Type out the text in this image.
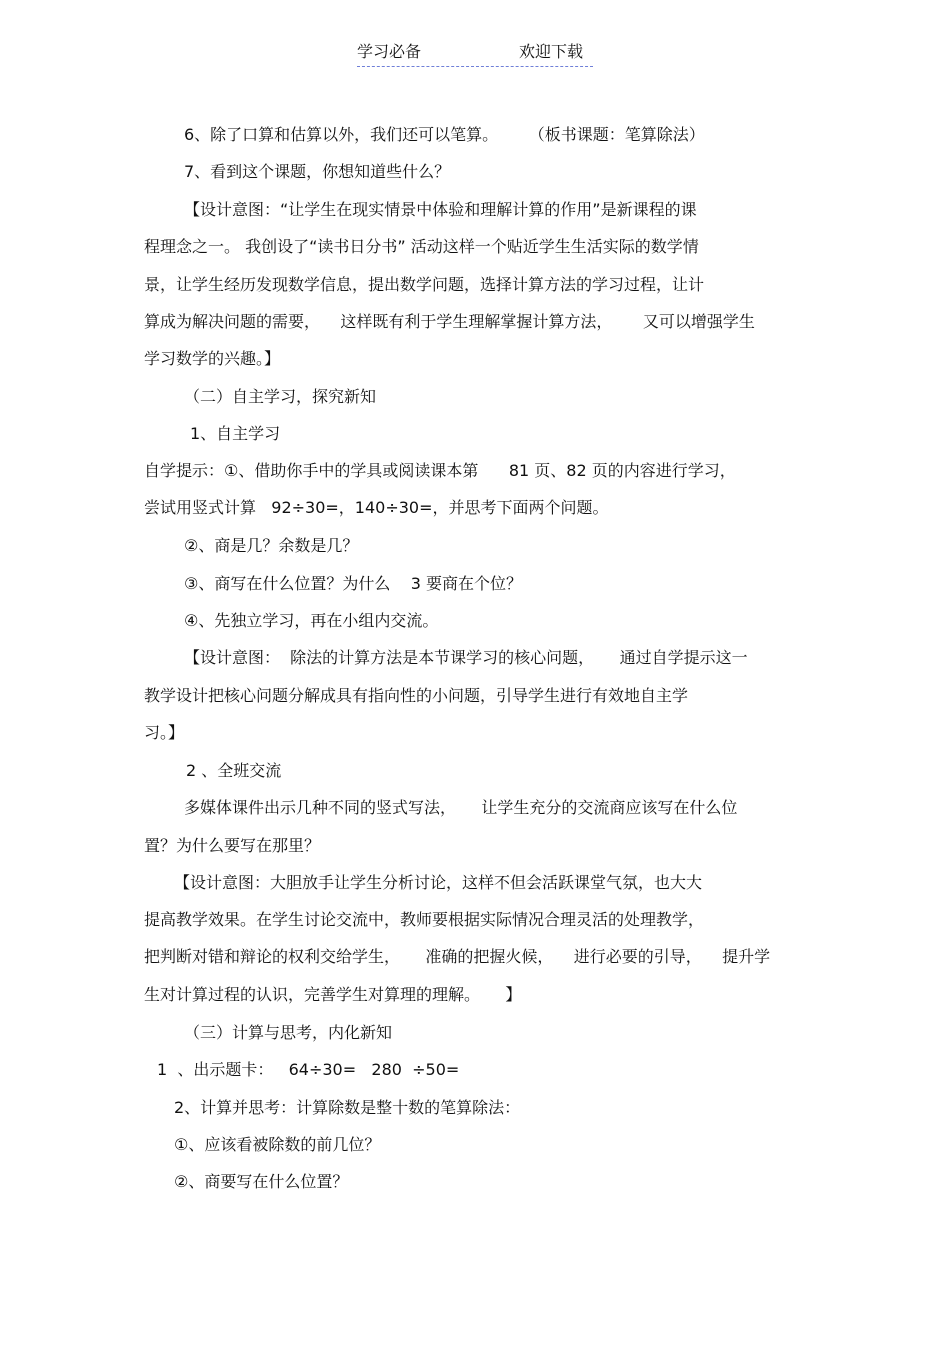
学习必备	欢迎下载
6、除了口算和估算以外，我们还可以笔算。      （板书课题：笔算除法）
7、看到这个课题，你想知道些什么？
【设计意图：“让学生在现实情景中体验和理解计算的作用”是新课程的课
程理念之一。 我创设了“读书日分书” 活动这样一个贴近学生生活实际的数学情
景，让学生经历发现数学信息，提出数学问题，选择计算方法的学习过程，让计
算成为解决问题的需要，    这样既有利于学生理解掌握计算方法，      又可以增强学生
学习数学的兴趣。】
（二）自主学习，探究新知
1、自主学习
自学提示：①、借助你手中的学具或阅读课本第      81 页、82 页的内容进行学习，
尝试用竖式计算   92÷30=，140÷30=，并思考下面两个问题。
②、商是几？余数是几？
③、商写在什么位置？为什么    3 要商在个位？
④、先独立学习，再在小组内交流。
【设计意图：  除法的计算方法是本节课学习的核心问题，     通过自学提示这一
教学设计把核心问题分解成具有指向性的小问题，引导学生进行有效地自主学
习。】
2 、全班交流
多媒体课件出示几种不同的竖式写法，     让学生充分的交流商应该写在什么位
置？为什么要写在那里？
【设计意图：大胆放手让学生分析讨论，这样不但会活跃课堂气氛，也大大
提高教学效果。在学生讨论交流中，教师要根据实际情况合理灵活的处理教学，
把判断对错和辩论的权利交给学生，     准确的把握火候，    进行必要的引导，    提升学
生对计算过程的认识，完善学生对算理的理解。     】
（三）计算与思考，内化新知
1  、出示题卡：   64÷30=   280  ÷50=
2、计算并思考：计算除数是整十数的笔算除法：
①、应该看被除数的前几位？
②、商要写在什么位置？
